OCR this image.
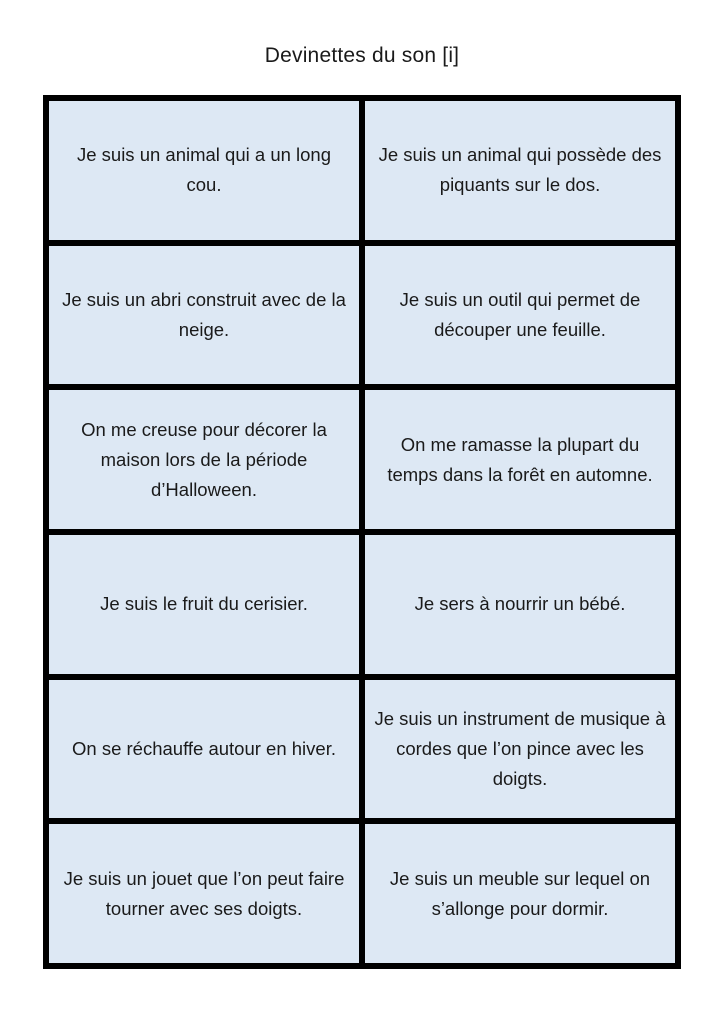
Devinettes du son [i]
Je suis un animal qui a un long cou.
Je suis un animal qui possède des piquants sur le dos.
Je suis un abri construit avec de la neige.
Je suis un outil qui permet de découper une feuille.
On me creuse pour décorer la maison lors de la période d’Halloween.
On me ramasse la plupart du temps dans la forêt en automne.
Je suis le fruit du cerisier.	Je sers à nourrir un bébé.
On se réchauffe autour en hiver.
Je suis un instrument de musique à cordes que l’on pince avec les doigts.
Je suis un jouet que l’on peut faire tourner avec ses doigts.
Je suis un meuble sur lequel on s’allonge pour dormir.
